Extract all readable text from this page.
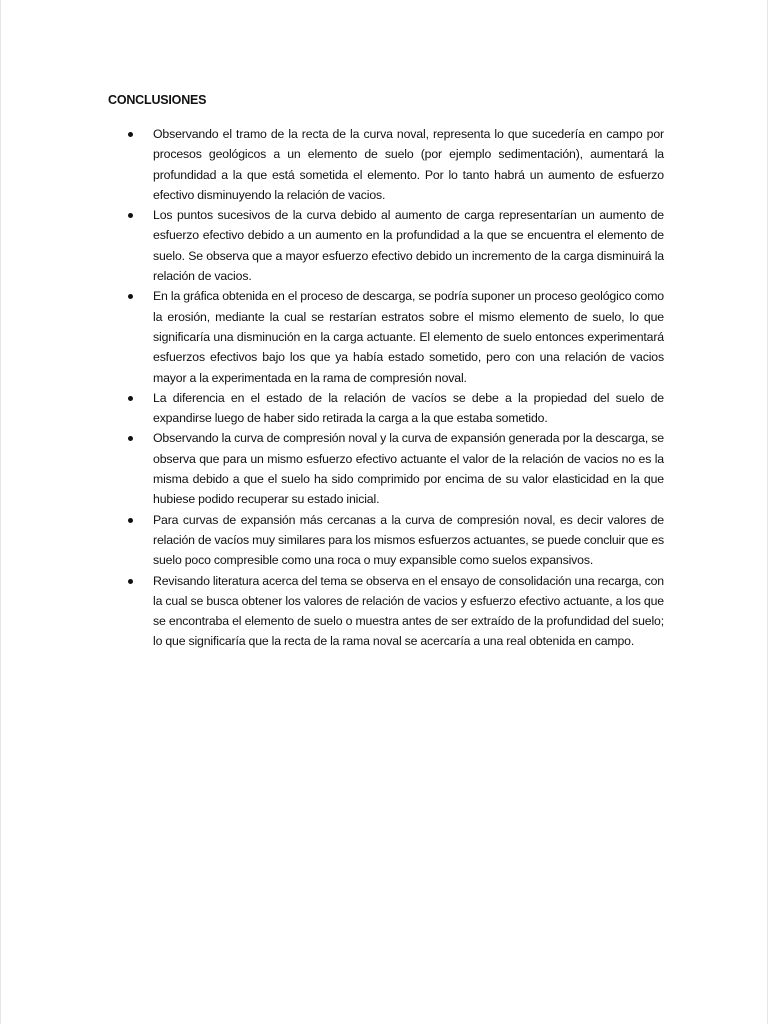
CONCLUSIONES
Observando el tramo de la recta de la curva noval, representa lo que sucedería en campo por procesos geológicos a un elemento de suelo (por ejemplo sedimentación), aumentará la profundidad a la que está sometida el elemento. Por lo tanto habrá un aumento de esfuerzo efectivo disminuyendo la relación de vacios.
Los puntos sucesivos de la curva debido al aumento de carga representarían un aumento de esfuerzo efectivo debido a un aumento en la profundidad a la que se encuentra el elemento de suelo. Se observa que a mayor esfuerzo efectivo debido un incremento de la carga disminuirá la relación de vacios.
En la gráfica obtenida en el proceso de descarga, se podría suponer un proceso geológico como la erosión, mediante la cual se restarían estratos sobre el mismo elemento de suelo, lo que significaría una disminución en la carga actuante. El elemento de suelo entonces experimentará esfuerzos efectivos bajo los que ya había estado sometido, pero con una relación de vacios mayor a la experimentada en la rama de compresión noval.
La diferencia en el estado de la relación de vacíos se debe a la propiedad del suelo de expandirse luego de haber sido retirada la carga a la que estaba sometido.
Observando la curva de compresión noval y la curva de expansión generada por la descarga, se observa que para un mismo esfuerzo efectivo actuante el valor de la relación de vacios no es la misma debido a que el suelo ha sido comprimido por encima de su valor elasticidad en la que hubiese podido recuperar su estado inicial.
Para curvas de expansión más cercanas a la curva de compresión noval, es decir valores de relación de vacíos muy similares para los mismos esfuerzos actuantes, se puede concluir que es suelo poco compresible como una roca o muy expansible como suelos expansivos.
Revisando literatura acerca del tema se observa en el ensayo de consolidación una recarga, con la cual se busca obtener los valores de relación de vacios y esfuerzo efectivo actuante, a los que se encontraba el elemento de suelo o muestra antes de ser extraído de la profundidad del suelo; lo que significaría que la recta de la rama noval se acercaría a una real obtenida en campo.
